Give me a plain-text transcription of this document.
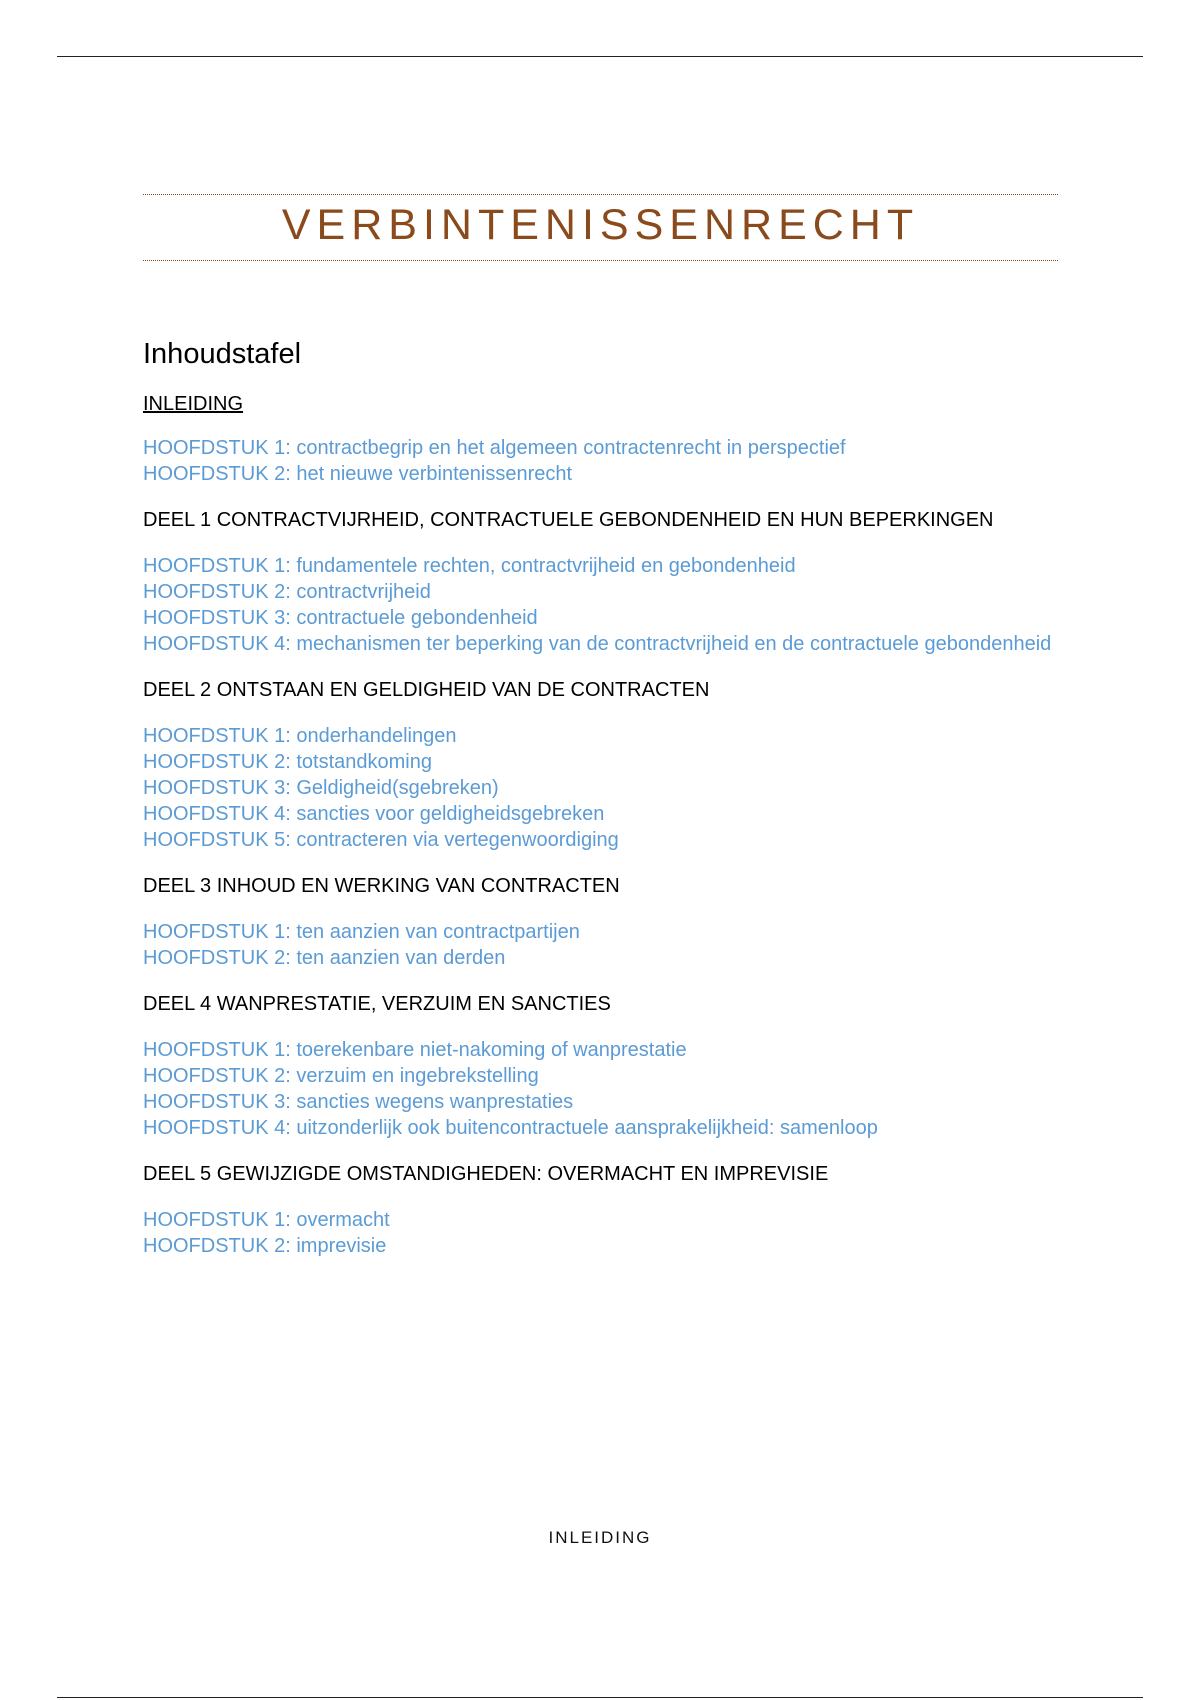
VERBINTENISSENRECHT
Inhoudstafel
INLEIDING
HOOFDSTUK 1: contractbegrip en het algemeen contractenrecht in perspectief
HOOFDSTUK 2: het nieuwe verbintenissenrecht
DEEL 1 CONTRACTVIJRHEID, CONTRACTUELE GEBONDENHEID EN HUN BEPERKINGEN
HOOFDSTUK 1: fundamentele rechten, contractvrijheid en gebondenheid
HOOFDSTUK 2: contractvrijheid
HOOFDSTUK 3: contractuele gebondenheid
HOOFDSTUK 4: mechanismen ter beperking van de contractvrijheid en de contractuele gebondenheid
DEEL 2 ONTSTAAN EN GELDIGHEID VAN DE CONTRACTEN
HOOFDSTUK 1: onderhandelingen
HOOFDSTUK 2: totstandkoming
HOOFDSTUK 3: Geldigheid(sgebreken)
HOOFDSTUK 4: sancties voor geldigheidsgebreken
HOOFDSTUK 5: contracteren via vertegenwoordiging
DEEL 3 INHOUD EN WERKING VAN CONTRACTEN
HOOFDSTUK 1: ten aanzien van contractpartijen
HOOFDSTUK 2: ten aanzien van derden
DEEL 4 WANPRESTATIE, VERZUIM EN SANCTIES
HOOFDSTUK 1: toerekenbare niet-nakoming of wanprestatie
HOOFDSTUK 2: verzuim en ingebrekstelling
HOOFDSTUK 3: sancties wegens wanprestaties
HOOFDSTUK 4: uitzonderlijk ook buitencontractuele aansprakelijkheid: samenloop
DEEL 5 GEWIJZIGDE OMSTANDIGHEDEN: OVERMACHT EN IMPREVISIE
HOOFDSTUK 1: overmacht
HOOFDSTUK 2: imprevisie
INLEIDING
